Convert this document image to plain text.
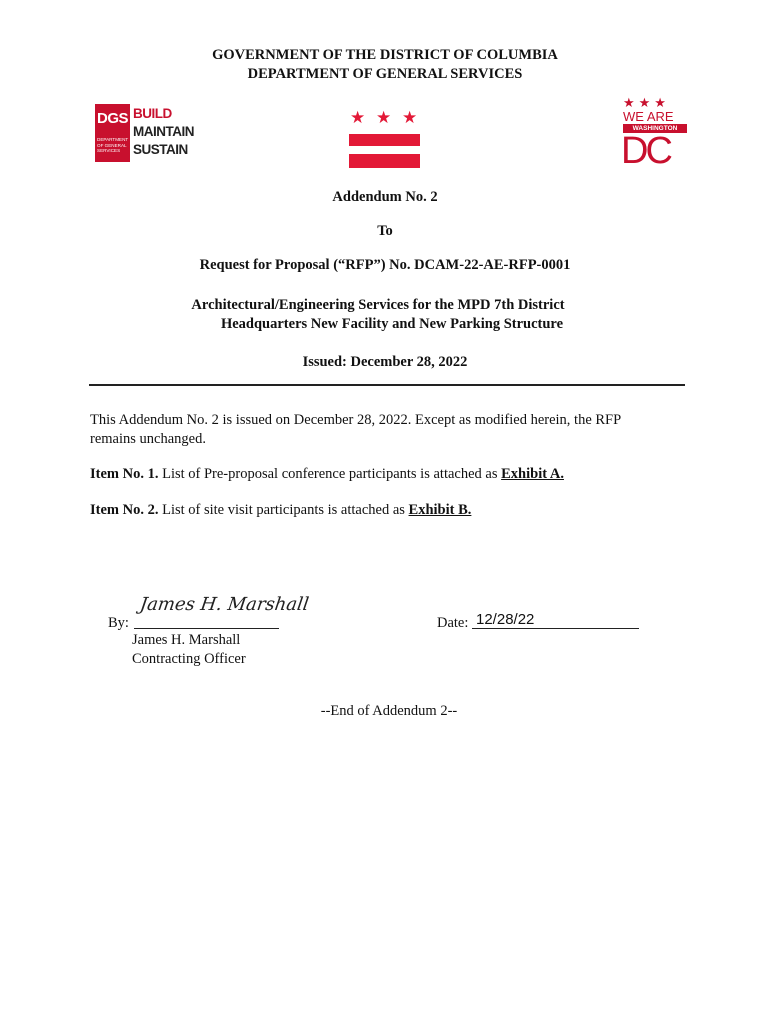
GOVERNMENT OF THE DISTRICT OF COLUMBIA
DEPARTMENT OF GENERAL SERVICES
DGS
DEPARTMENT OF GENERAL SERVICES
BUILD
MAINTAIN
SUSTAIN
★ ★ ★
★★★
WE ARE
WASHINGTON
DC
Addendum No. 2
To
Request for Proposal (“RFP”) No. DCAM-22-AE-RFP-0001
Architectural/Engineering Services for the MPD 7th District
Headquarters New Facility and New Parking Structure
Issued: December 28, 2022
This Addendum No. 2 is issued on December 28, 2022. Except as modified herein, the RFP
remains unchanged.
Item No. 1. List of Pre-proposal conference participants is attached as Exhibit A.
Item No. 2. List of site visit participants is attached as Exhibit B.
By:
James H. Marshall
James H. Marshall
Contracting Officer
Date: 12/28/22
--End of Addendum 2--
